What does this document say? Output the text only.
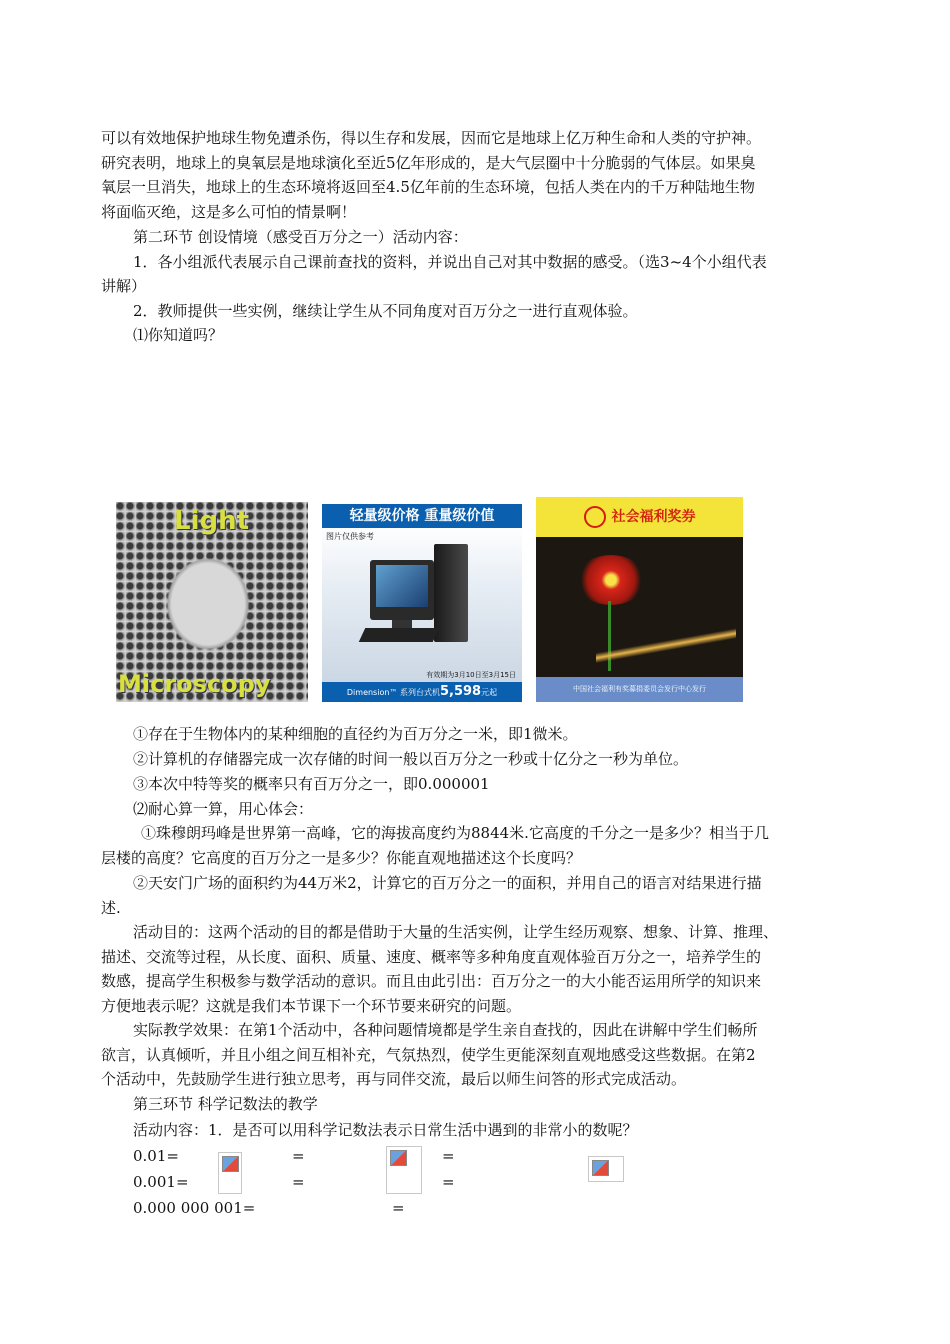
可以有效地保护地球生物免遭杀伤，得以生存和发展，因而它是地球上亿万种生命和人类的守护神。
研究表明，地球上的臭氧层是地球演化至近5亿年形成的，是大气层圈中十分脆弱的气体层。如果臭
氧层一旦消失，地球上的生态环境将返回至4.5亿年前的生态环境，包括人类在内的千万种陆地生物
将面临灭绝，这是多么可怕的情景啊！
第二环节 创设情境（感受百万分之一）活动内容：
1．各小组派代表展示自己课前查找的资料，并说出自己对其中数据的感受。（选3~4个小组代表
讲解）
2．教师提供一些实例，继续让学生从不同角度对百万分之一进行直观体验。
⑴你知道吗？
Light
Microscopy
轻量级价格 重量级价值
图片仅供参考
有效期为3月10日至3月15日
Dimension™ 系列台式机5,598元起
社会福利奖券
中国社会福利有奖募捐委员会发行中心发行
①存在于生物体内的某种细胞的直径约为百万分之一米，即1微米。
②计算机的存储器完成一次存储的时间一般以百万分之一秒或十亿分之一秒为单位。
③本次中特等奖的概率只有百万分之一，即0.000001
⑵耐心算一算，用心体会：
①珠穆朗玛峰是世界第一高峰，它的海拔高度约为8844米.它高度的千分之一是多少？相当于几
层楼的高度？它高度的百万分之一是多少？你能直观地描述这个长度吗？
②天安门广场的面积约为44万米2，计算它的百万分之一的面积，并用自己的语言对结果进行描
述.
活动目的：这两个活动的目的都是借助于大量的生活实例，让学生经历观察、想象、计算、推理、
描述、交流等过程，从长度、面积、质量、速度、概率等多种角度直观体验百万分之一，培养学生的
数感，提高学生积极参与数学活动的意识。而且由此引出：百万分之一的大小能否运用所学的知识来
方便地表示呢？这就是我们本节课下一个环节要来研究的问题。
实际教学效果：在第1个活动中，各种问题情境都是学生亲自查找的，因此在讲解中学生们畅所
欲言，认真倾听，并且小组之间互相补充，气氛热烈，使学生更能深刻直观地感受这些数据。在第2
个活动中，先鼓励学生进行独立思考，再与同伴交流，最后以师生问答的形式完成活动。
第三环节 科学记数法的教学
活动内容：1．是否可以用科学记数法表示日常生活中遇到的非常小的数呢？
0.01=	=	=
0.001=	=	=
0.000 000 001=	=
